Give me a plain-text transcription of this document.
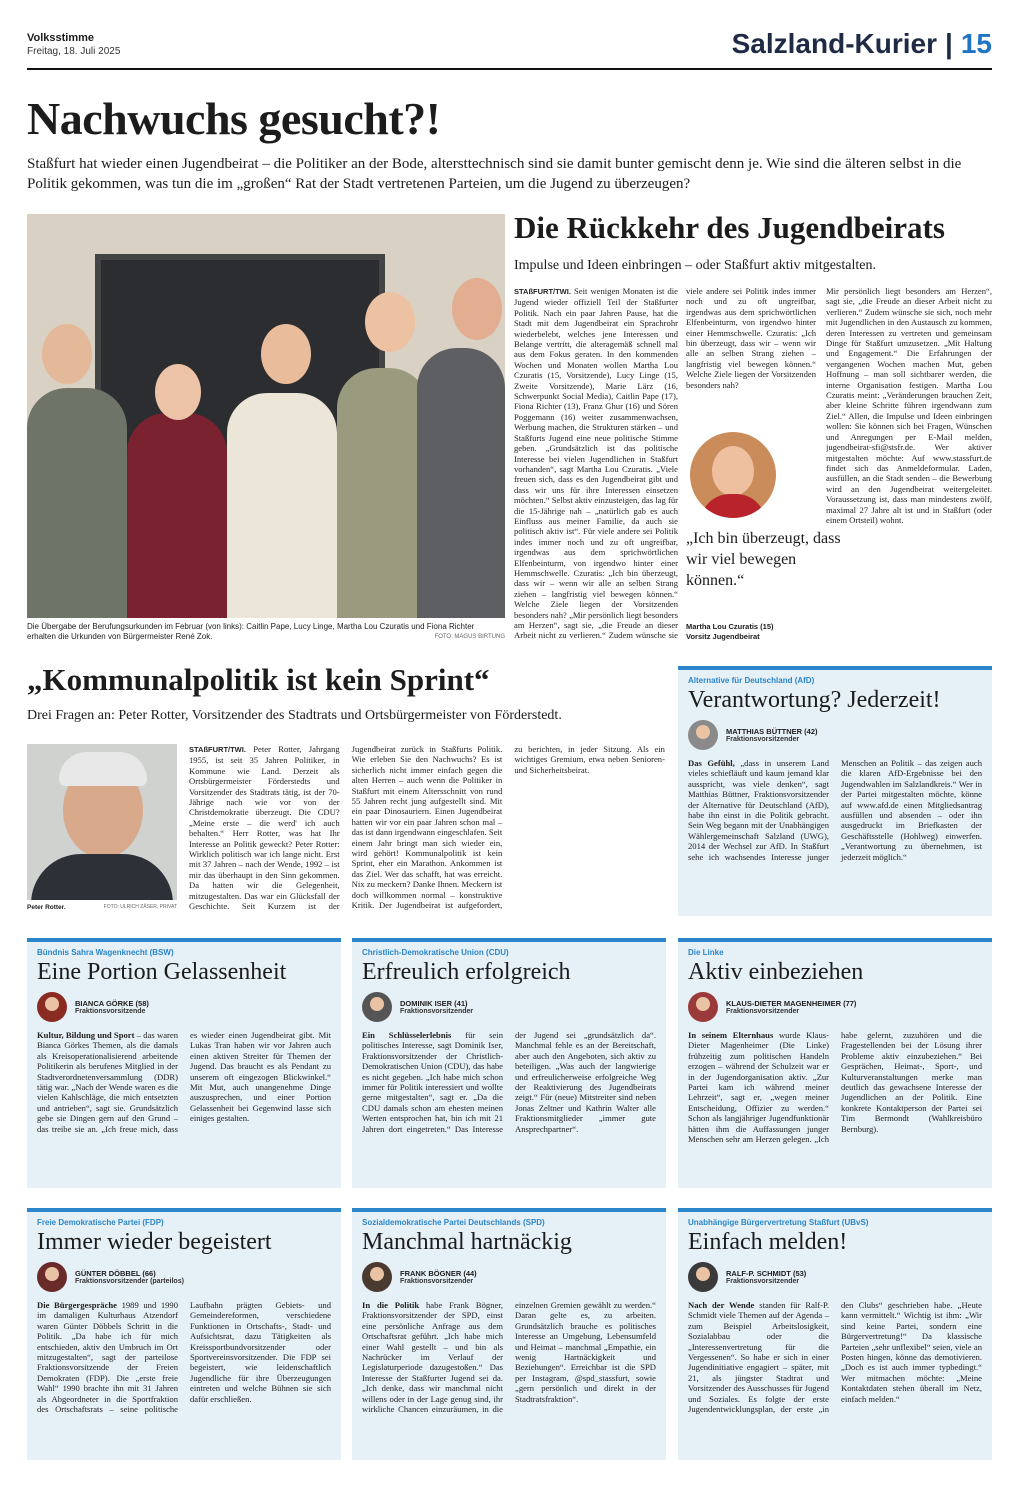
Volksstimme
Freitag, 18. Juli 2025	Salzland-Kurier | 15
Nachwuchs gesucht?!

Staßfurt hat wieder einen Jugendbeirat – die Politiker an der Bode, altersttechnisch sind sie damit bunter gemischt denn je. Wie sind die älteren selbst in die Politik gekommen, was tun die im „großen“ Rat der Stadt vertretenen Parteien, um die Jugend zu überzeugen?

Die Übergabe der Berufungsurkunden im Februar (von links): Caitlin Pape, Lucy Linge, Martha Lou Czuratis und Fiona Richter erhalten die Urkunden von Bürgermeister René Zok.	FOTO: MAGUS BIRTUNG
Die Rückkehr des Jugendbeirats

Impulse und Ideen einbringen – oder Staßfurt aktiv mitgestalten.

STAßFURT/TWI. Seit wenigen Monaten ist die Jugend wieder offiziell Teil der Staßfurter Politik. Nach ein paar Jahren Pause, hat die Stadt mit dem Jugendbeirat ein Sprachrohr wiederbelebt, welches jene Interessen und Belange vertritt, die alteragemäß schnell mal aus dem Fokus geraten. In den kommenden Wochen und Monaten wollen Martha Lou Czuratis (15, Vorsitzende), Lucy Linge (15, Zweite Vorsitzende), Marie Lärz (16, Schwerpunkt Social Media), Caitlin Pape (17), Fiona Richter (13), Franz Ghur (16) und Sören Poggemann (16) weiter zusammenwachsen, Werbung machen, die Strukturen stärken – und Staßfurts Jugend eine neue politische Stimme geben. „Grundsätzlich ist das politische Interesse bei vielen Jugendlichen in Staßfurt vorhanden“, sagt Martha Lou Czuratis. „Viele freuen sich, dass es den Jugendbeirat gibt und dass wir uns für ihre Interessen einsetzen möchten.“ Selbst aktiv einzusteigen, das lag für die 15-Jährige nah – „natürlich gab es auch Einfluss aus meiner Familie, da auch sie politisch aktiv ist“. Für viele andere sei Politik indes immer noch und zu oft ungreifbar, irgendwas aus dem sprichwörtlichen Elfenbeinturm, von irgendwo hinter einer Hemmschwelle. Czuratis: „Ich bin überzeugt, dass wir – wenn wir alle an selben Strang ziehen – langfristig viel bewegen können.“ Welche Ziele liegen der Vorsitzenden besonders nah? „Mir persönlich liegt besonders am Herzen“, sagt sie, „die Freude an dieser Arbeit nicht zu verlieren.“ Zudem wünsche sie
Mir persönlich liegt besonders am Herzen“, sagt sie, „die Freude an dieser Arbeit nicht zu verlieren.“ Zudem wünsche sie sich, noch mehr mit Jugendlichen in den Austausch zu kommen, deren Interessen zu vertreten und gemeinsam Dinge für Staßfurt umzusetzen. „Mit Haltung und Engagement.“ Die Erfahrungen der vergangenen Wochen machen Mut, geben Hoffnung – man soll sichtbarer werden, die interne Organisation festigen. Martha Lou Czuratis meint: „Veränderungen brauchen Zeit, aber kleine Schritte führen irgendwann zum Ziel.“ Allen, die Impulse und Ideen einbringen wollen: Sie können sich bei Fragen, Wünschen und Anregungen per E-Mail melden, jugendbeirat-sfi@stsfr.de. Wer aktiver mitgestalten möchte: Auf www.stassfurt.de findet sich das Anmeldeformular. Laden, ausfüllen, an die Stadt senden – die Bewerbung wird an den Jugendbeirat weitergeleitet. Voraussetzung ist, dass man mindestens zwölf, maximal 27 Jahre alt ist und in Staßfurt (oder einem Ortsteil) wohnt.
viele andere sei Politik indes immer noch und zu oft ungreifbar, irgendwas aus dem sprichwörtlichen Elfenbeinturm, von irgendwo hinter einer Hemmschwelle. Czuratis: „Ich bin überzeugt, dass wir – wenn wir alle an selben Strang ziehen – langfristig viel bewegen können.“ Welche Ziele liegen der Vorsitzenden besonders nah?

„Ich bin überzeugt, dass wir viel bewegen können.“

Martha Lou Czuratis (15)
Vorsitz Jugendbeirat
„Kommunalpolitik ist kein Sprint“

Drei Fragen an: Peter Rotter, Vorsitzender des Stadtrats und Ortsbürgermeister von Förderstedt.

Peter Rotter.	FOTO: ULRICH ZÄSER, PRIVAT
STAßFURT/TWI. Peter Rotter, Jahrgang 1955, ist seit 35 Jahren Politiker, in Kommune wie Land. Derzeit als Ortsbürgermeister Förderstedts und Vorsitzender des Stadtrats tätig, ist der 70-Jährige nach wie vor von der Christdemokratie überzeugt. Die CDU? „Meine erste – die werd' ich auch behalten.“ Herr Rotter, was hat Ihr Interesse an Politik geweckt? Peter Rotter: Wirklich politisch war ich lange nicht. Erst mit 37 Jahren – nach der Wende, 1992 – ist mir das überhaupt in den Sinn gekommen. Da hatten wir die Gelegenheit, mitzugestalten. Das war ein Glücksfall der Geschichte. Seit Kurzem ist der Jugendbeirat zurück in Staßfurts Politik. Wie erleben Sie den Nachwuchs? Es ist sicherlich nicht immer einfach gegen die alten Herren – auch wenn die Politiker in Staßfurt mit einem Altersschnitt von rund 55 Jahren recht jung aufgestellt sind. Mit ein paar Dinosauriern. Einen Jugendbeirat hatten wir vor ein paar Jahren schon mal – das ist dann irgendwann eingeschlafen. Seit einem Jahr bringt man sich wieder ein, wird gehört! Kommunalpolitik ist kein Sprint, eher ein Marathon. Ankommen ist das Ziel. Wer das schafft, hat was erreicht. Nix zu meckern? Danke Ihnen. Meckern ist doch willkommen normal – konstruktive Kritik. Der Jugendbeirat ist aufgefordert, zu berichten, in jeder Sitzung. Als ein wichtiges Gremium, etwa neben Senioren- und Sicherheitsbeirat.
Alternative für Deutschland (AfD)
Verantwortung? Jederzeit!
MATTHIAS BÜTTNER (42)
Fraktionsvorsitzender
Das Gefühl, „dass in unserem Land vieles schiefläuft und kaum jemand klar ausspricht, was viele denken“, sagt Matthias Büttner, Fraktionsvorsitzender der Alternative für Deutschland (AfD), habe ihn einst in die Politik gebracht. Sein Weg begann mit der Unabhängigen Wählergemeinschaft Salzland (UWG), 2014 der Wechsel zur AfD. In Staßfurt sehe ich wachsendes Interesse junger Menschen an Politik – das zeigen auch die klaren AfD-Ergebnisse bei den Jugendwahlen im Salzlandkreis.“ Wer in der Partei mitgestalten möchte, könne auf www.afd.de einen Mitgliedsantrag ausfüllen und absenden – oder ihn ausgedruckt im Briefkasten der Geschäftsstelle (Hohlweg) einwerfen. „Verantwortung zu übernehmen, ist jederzeit möglich.“
Bündnis Sahra Wagenknecht (BSW)
Eine Portion Gelassenheit
BIANCA GÖRKE (58)
Fraktionsvorsitzende
Kultur, Bildung und Sport – das waren Bianca Görkes Themen, als die damals als Kreisoperationalisierend arbeitende Politikerin als berufenes Mitglied in der Stadtverordnetenversammlung (DDR) tätig war. „Nach der Wende waren es die vielen Kahlschläge, die mich entsetzten und antrieben“, sagt sie. Grundsätzlich gebe sie Dingen gern auf den Grund – das treibe sie an. „Ich freue mich, dass es wieder einen Jugendbeirat gibt. Mit Lukas Tran haben wir vor Jahren auch einen aktiven Streiter für Themen der Jugend. Das braucht es als Pendant zu unserem oft eingezogen Blickwinkel.“ Mit Mut, auch unangenehme Dinge auszusprechen, und einer Portion Gelassenheit bei Gegenwind lasse sich einiges gestalten.
Christlich-Demokratische Union (CDU)
Erfreulich erfolgreich
DOMINIK ISER (41)
Fraktionsvorsitzender
Ein Schlüsselerlebnis für sein politisches Interesse, sagt Dominik Iser, Fraktionsvorsitzender der Christlich-Demokratischen Union (CDU), das habe es nicht gegeben. „Ich habe mich schon immer für Politik interessiert und wollte gerne mitgestalten“, sagt er. „Da die CDU damals schon am ehesten meinen Werten entsprochen hat, bin ich mit 21 Jahren dort eingetreten.“ Das Interesse der Jugend sei „grundsätzlich da“. Manchmal fehle es an der Bereitschaft, aber auch den Angeboten, sich aktiv zu beteiligen. „Was auch der langwierige und erfreulicherweise erfolgreiche Weg der Reaktivierung des Jugendbeirats zeigt.“ Für (neue) Mitstreiter sind neben Jonas Zeltner und Kathrin Walter alle Fraktionsmitglieder „immer gute Ansprechpartner“.
Die Linke
Aktiv einbeziehen
KLAUS-DIETER MAGENHEIMER (77)
Fraktionsvorsitzender
In seinem Elternhaus wurde Klaus-Dieter Magenheimer (Die Linke) frühzeitig zum politischen Handeln erzogen – während der Schulzeit war er in der Jugendorganisation aktiv. „Zur Partei kam ich während meiner Lehrzeit“, sagt er, „wegen meiner Entscheidung, Offizier zu werden.“ Schon als langjähriger Jugendfunktionär hätten ihm die Auffassungen junger Menschen sehr am Herzen gelegen. „Ich habe gelernt, zuzuhören und die Fragestellenden bei der Lösung ihrer Probleme aktiv einzubeziehen.“ Bei Gesprächen, Heimat-, Sport-, und Kulturveranstaltungen merke man deutlich das gewachsene Interesse der Jugendlichen an der Politik. Eine konkrete Kontaktperson der Partei sei Tim Bermondt (Wahlkreisbüro Bernburg).
Freie Demokratische Partei (FDP)
Immer wieder begeistert
GÜNTER DÖBBEL (66)
Fraktionsvorsitzender (parteilos)
Die Bürgergespräche 1989 und 1990 im damaligen Kulturhaus Atzendorf waren Günter Döbbels Schritt in die Politik. „Da habe ich für mich entschieden, aktiv den Umbruch im Ort mitzugestalten“, sagt der parteilose Fraktionsvorsitzende der Freien Demokraten (FDP). Die „erste freie Wahl“ 1990 brachte ihn mit 31 Jahren als Abgeordneter in die Sportfraktion des Ortschaftsrats – seine politische Laufbahn prägten Gebiets- und Gemeindereformen, verschiedene Funktionen in Ortschafts-, Stadt- und Aufsichtsrat, dazu Tätigkeiten als Kreissportbundvorsitzender oder Sportvereinsvorsitzender. Die FDP sei begeistert, wie leidenschaftlich Jugendliche für ihre Überzeugungen eintreten und welche Bühnen sie sich dafür erschließen.
Sozialdemokratische Partei Deutschlands (SPD)
Manchmal hartnäckig
FRANK BÖGNER (44)
Fraktionsvorsitzender
In die Politik habe Frank Bögner, Fraktionsvorsitzender der SPD, einst eine persönliche Anfrage aus dem Ortschaftsrat geführt. „Ich habe mich einer Wahl gestellt – und bin als Nachrücker im Verlauf der Legislaturperiode dazugestoßen.“ Das Interesse der Staßfurter Jugend sei da. „Ich denke, dass wir manchmal nicht willens oder in der Lage genug sind, ihr wirkliche Chancen einzuräumen, in die einzelnen Gremien gewählt zu werden.“ Daran gelte es, zu arbeiten. Grundsätzlich brauche es politisches Interesse an Umgebung, Lebensumfeld und Heimat – manchmal „Empathie, ein wenig Hartnäckigkeit und Beziehungen“. Erreichbar ist die SPD per Instagram, @spd_stassfurt, sowie „gern persönlich und direkt in der Stadtratsfraktion“.
Unabhängige Bürgervertretung Staßfurt (UBvS)
Einfach melden!
RALF-P. SCHMIDT (53)
Fraktionsvorsitzender
Nach der Wende standen für Ralf-P. Schmidt viele Themen auf der Agenda – zum Beispiel Arbeitslosigkeit, Sozialabbau oder die „Interessenvertretung für die Vergessenen“. So habe er sich in einer Jugendinitiative engagiert – später, mit 21, als jüngster Stadtrat und Vorsitzender des Ausschusses für Jugend und Soziales. Es folgte der erste Jugendentwicklungsplan, der erste „in den Clubs“ geschrieben habe. „Heute kann vermittelt.“ Wichtig ist ihm: „Wir sind keine Partei, sondern eine Bürgervertretung!“ Da klassische Parteien „sehr unflexibel“ seien, viele an Posten hingen, könne das demotivieren. „Doch es ist auch immer typbedingt.“ Wer mitmachen möchte: „Meine Kontaktdaten stehen überall im Netz, einfach melden.“
